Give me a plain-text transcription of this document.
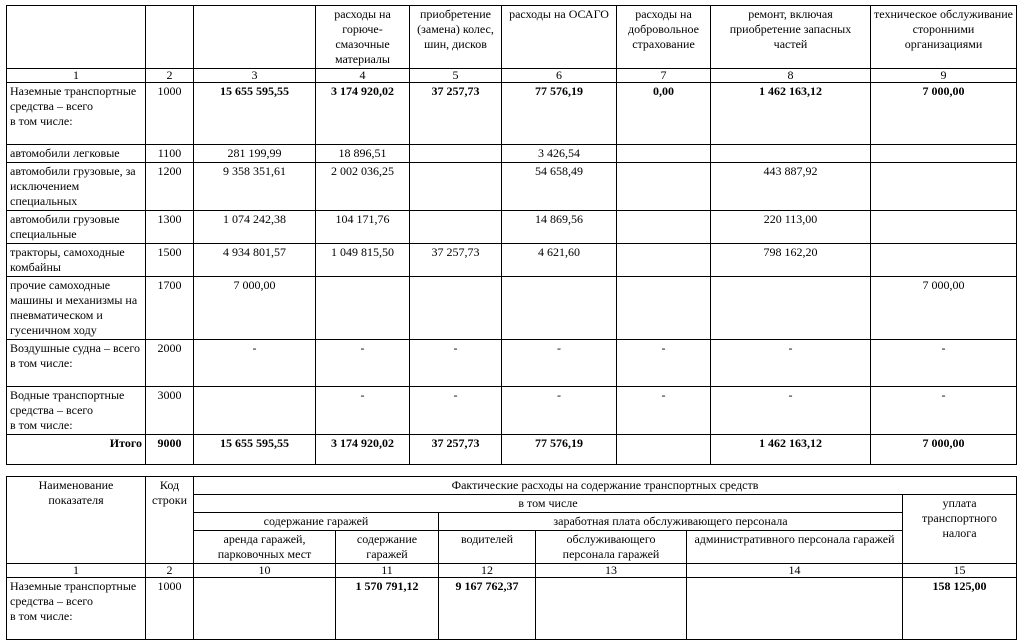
			расходы на горюче-смазочные материалы	приобретение (замена) колес, шин, дисков	расходы на ОСАГО	расходы на добровольное страхование	ремонт, включая приобретение запасных частей	техническое обслуживание сторонними организациями
1	2	3	4	5	6	7	8	9
Наземные транспортные средства – всего
в том числе:	1000	15 655 595,55	3 174 920,02	37 257,73	77 576,19	0,00	1 462 163,12	7 000,00
автомобили легковые	1100	281 199,99	18 896,51		3 426,54			
автомобили грузовые, за исключением специальных	1200	9 358 351,61	2 002 036,25		54 658,49		443 887,92	
автомобили грузовые специальные	1300	1 074 242,38	104 171,76		14 869,56		220 113,00	
тракторы, самоходные комбайны	1500	4 934 801,57	1 049 815,50	37 257,73	4 621,60		798 162,20	
прочие самоходные машины и механизмы на пневматическом и гусеничном ходу	1700	7 000,00						7 000,00
Воздушные судна – всего
в том числе:	2000	-	-	-	-	-	-	-
Водные транспортные средства – всего
в том числе:	3000		-	-	-	-	-	-
Итого	9000	15 655 595,55	3 174 920,02	37 257,73	77 576,19		1 462 163,12	7 000,00
Наименование показателя	Код строки	Фактические расходы на содержание транспортных средств					
		в том числе					уплата транспортного налога
		содержание гаражей		заработная плата обслуживающего персонала			
		аренда гаражей, парковочных мест	содержание гаражей	водителей	обслуживающего персонала гаражей	административного персонала гаражей	
1	2	10	11	12	13	14	15
Наземные транспортные средства – всего
в том числе:	1000		1 570 791,12	9 167 762,37			158 125,00
